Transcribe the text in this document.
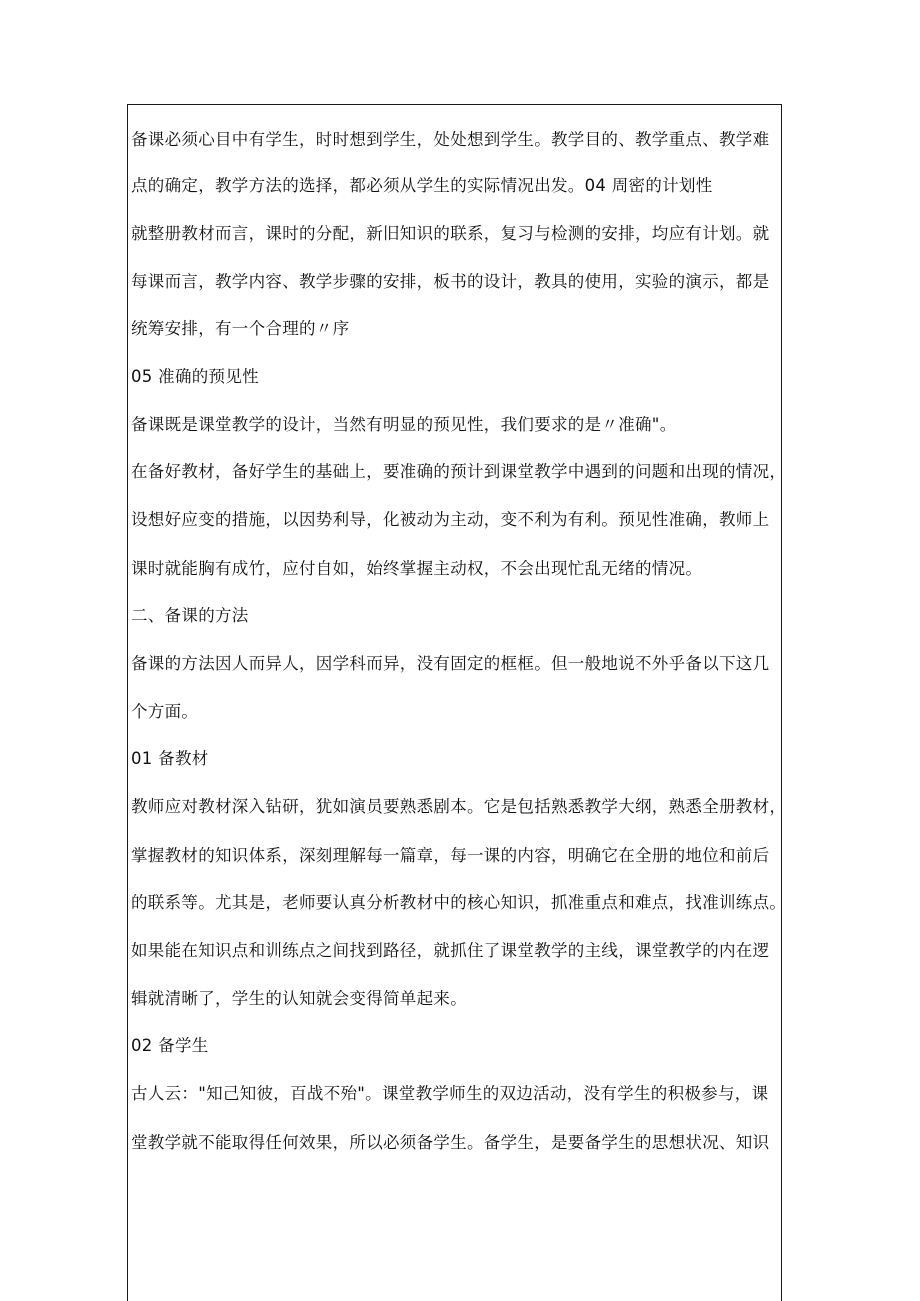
备课必须心目中有学生，时时想到学生，处处想到学生。教学目的、教学重点、教学难
点的确定，教学方法的选择，都必须从学生的实际情况出发。04 周密的计划性
就整册教材而言，课时的分配，新旧知识的联系，复习与检测的安排，均应有计划。就
每课而言，教学内容、教学步骤的安排，板书的设计，教具的使用，实验的演示，都是
统筹安排，有一个合理的〃序
05 准确的预见性
备课既是课堂教学的设计，当然有明显的预见性，我们要求的是〃准确"。
在备好教材，备好学生的基础上，要准确的预计到课堂教学中遇到的问题和出现的情况，
设想好应变的措施，以因势利导，化被动为主动，变不利为有利。预见性准确，教师上
课时就能胸有成竹，应付自如，始终掌握主动权，不会出现忙乱无绪的情况。
二、备课的方法
备课的方法因人而异人，因学科而异，没有固定的框框。但一般地说不外乎备以下这几
个方面。
01 备教材
教师应对教材深入钻研，犹如演员要熟悉剧本。它是包括熟悉教学大纲，熟悉全册教材，
掌握教材的知识体系，深刻理解每一篇章，每一课的内容，明确它在全册的地位和前后
的联系等。尤其是，老师要认真分析教材中的核心知识，抓准重点和难点，找准训练点。
如果能在知识点和训练点之间找到路径，就抓住了课堂教学的主线，课堂教学的内在逻
辑就清晰了，学生的认知就会变得简单起来。
02 备学生
古人云："知己知彼，百战不殆"。课堂教学师生的双边活动，没有学生的积极参与，课
堂教学就不能取得任何效果，所以必须备学生。备学生，是要备学生的思想状况、知识
